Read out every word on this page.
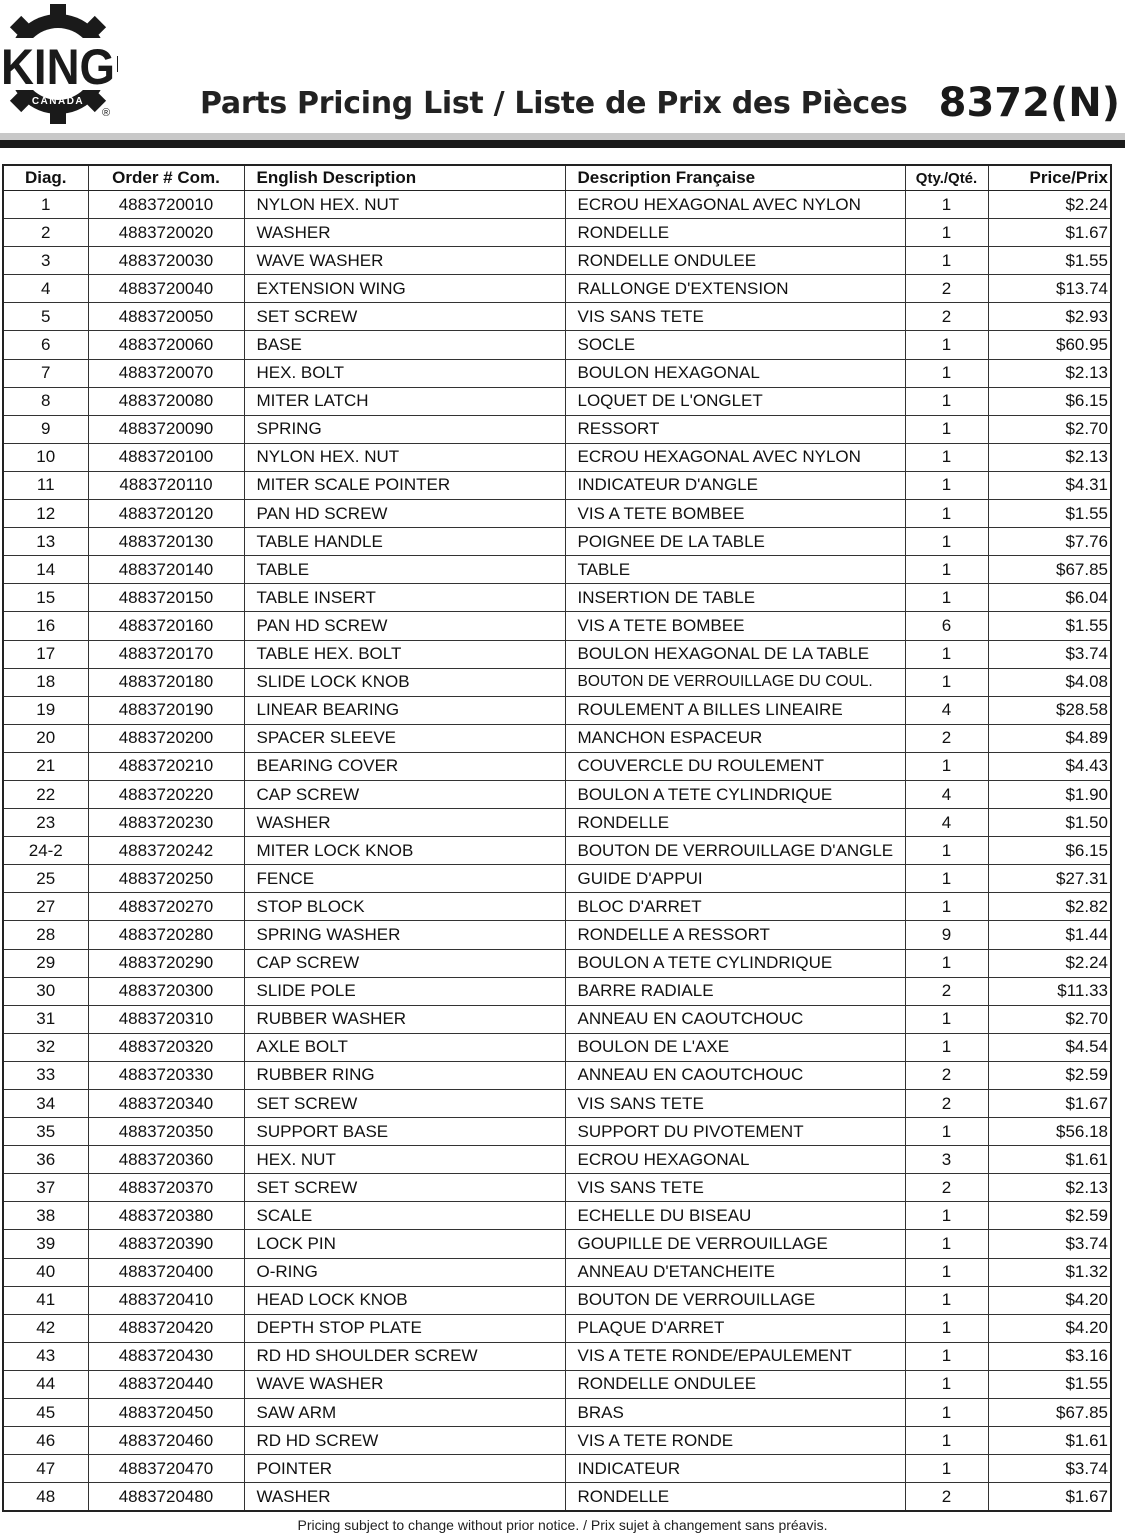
KING
CANADA
®	Parts Pricing List / Liste de Prix des Pièces 8372(N)
Diag.	Order # Com.	English Description	Description Française	Qty./Qté.	Price/Prix
1	4883720010	NYLON HEX. NUT	ECROU HEXAGONAL AVEC NYLON	1	$2.24
2	4883720020	WASHER	RONDELLE	1	$1.67
3	4883720030	WAVE WASHER	RONDELLE ONDULEE	1	$1.55
4	4883720040	EXTENSION WING	RALLONGE D'EXTENSION	2	$13.74
5	4883720050	SET SCREW	VIS SANS TETE	2	$2.93
6	4883720060	BASE	SOCLE	1	$60.95
7	4883720070	HEX. BOLT	BOULON HEXAGONAL	1	$2.13
8	4883720080	MITER LATCH	LOQUET DE L'ONGLET	1	$6.15
9	4883720090	SPRING	RESSORT	1	$2.70
10	4883720100	NYLON HEX. NUT	ECROU HEXAGONAL AVEC NYLON	1	$2.13
11	4883720110	MITER SCALE POINTER	INDICATEUR D'ANGLE	1	$4.31
12	4883720120	PAN HD SCREW	VIS A TETE BOMBEE	1	$1.55
13	4883720130	TABLE HANDLE	POIGNEE DE LA TABLE	1	$7.76
14	4883720140	TABLE	TABLE	1	$67.85
15	4883720150	TABLE INSERT	INSERTION DE TABLE	1	$6.04
16	4883720160	PAN HD SCREW	VIS A TETE BOMBEE	6	$1.55
17	4883720170	TABLE HEX. BOLT	BOULON HEXAGONAL DE LA TABLE	1	$3.74
18	4883720180	SLIDE LOCK KNOB	BOUTON DE VERROUILLAGE DU COUL.	1	$4.08
19	4883720190	LINEAR BEARING	ROULEMENT A BILLES LINEAIRE	4	$28.58
20	4883720200	SPACER SLEEVE	MANCHON ESPACEUR	2	$4.89
21	4883720210	BEARING COVER	COUVERCLE DU ROULEMENT	1	$4.43
22	4883720220	CAP SCREW	BOULON A TETE CYLINDRIQUE	4	$1.90
23	4883720230	WASHER	RONDELLE	4	$1.50
24-2	4883720242	MITER LOCK KNOB	BOUTON DE VERROUILLAGE D'ANGLE	1	$6.15
25	4883720250	FENCE	GUIDE D'APPUI	1	$27.31
27	4883720270	STOP BLOCK	BLOC D'ARRET	1	$2.82
28	4883720280	SPRING WASHER	RONDELLE A RESSORT	9	$1.44
29	4883720290	CAP SCREW	BOULON A TETE CYLINDRIQUE	1	$2.24
30	4883720300	SLIDE POLE	BARRE RADIALE	2	$11.33
31	4883720310	RUBBER WASHER	ANNEAU EN CAOUTCHOUC	1	$2.70
32	4883720320	AXLE BOLT	BOULON DE L'AXE	1	$4.54
33	4883720330	RUBBER RING	ANNEAU EN CAOUTCHOUC	2	$2.59
34	4883720340	SET SCREW	VIS SANS TETE	2	$1.67
35	4883720350	SUPPORT BASE	SUPPORT DU PIVOTEMENT	1	$56.18
36	4883720360	HEX. NUT	ECROU HEXAGONAL	3	$1.61
37	4883720370	SET SCREW	VIS SANS TETE	2	$2.13
38	4883720380	SCALE	ECHELLE DU BISEAU	1	$2.59
39	4883720390	LOCK PIN	GOUPILLE DE VERROUILLAGE	1	$3.74
40	4883720400	O-RING	ANNEAU D'ETANCHEITE	1	$1.32
41	4883720410	HEAD LOCK KNOB	BOUTON DE VERROUILLAGE	1	$4.20
42	4883720420	DEPTH STOP PLATE	PLAQUE D'ARRET	1	$4.20
43	4883720430	RD HD SHOULDER SCREW	VIS A TETE RONDE/EPAULEMENT	1	$3.16
44	4883720440	WAVE WASHER	RONDELLE ONDULEE	1	$1.55
45	4883720450	SAW ARM	BRAS	1	$67.85
46	4883720460	RD HD SCREW	VIS A TETE RONDE	1	$1.61
47	4883720470	POINTER	INDICATEUR	1	$3.74
48	4883720480	WASHER	RONDELLE	2	$1.67
Pricing subject to change without prior notice. / Prix sujet à changement sans préavis.
